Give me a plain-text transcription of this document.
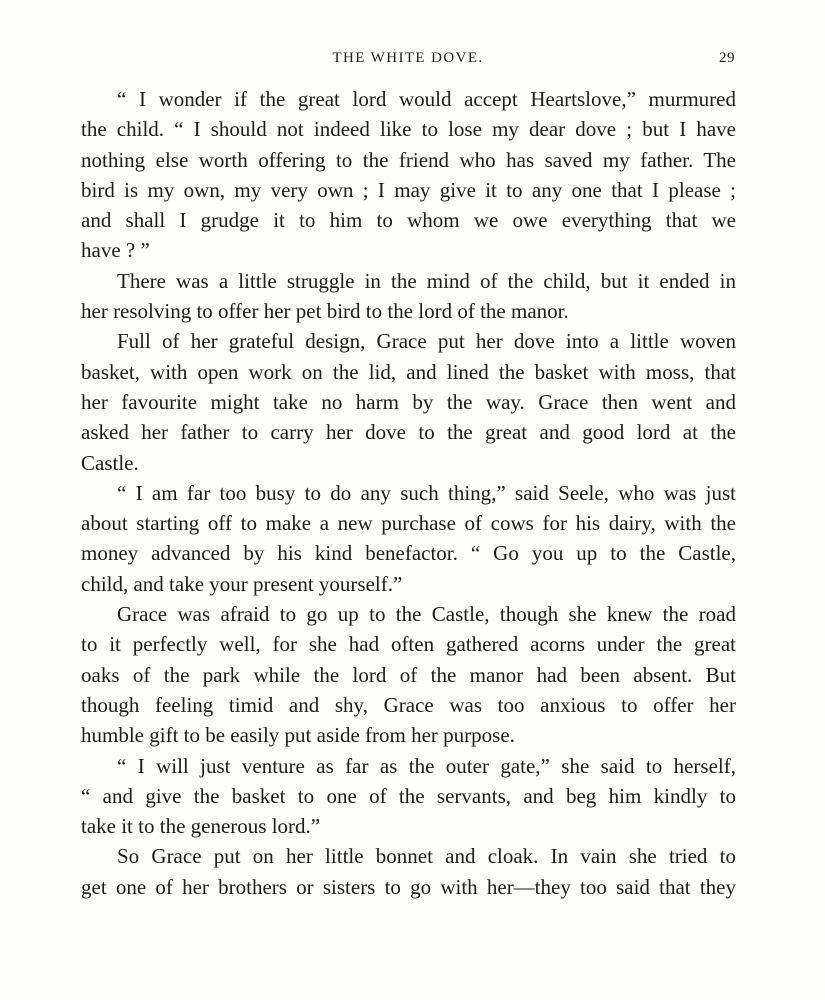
THE WHITE DOVE.	29
“ I wonder if the great lord would accept Heartslove,” murmured
the child. “ I should not indeed like to lose my dear dove ; but I have
nothing else worth offering to the friend who has saved my father. The
bird is my own, my very own ; I may give it to any one that I please ;
and shall I grudge it to him to whom we owe everything that we
have ? ”
There was a little struggle in the mind of the child, but it ended in
her resolving to offer her pet bird to the lord of the manor.
Full of her grateful design, Grace put her dove into a little woven
basket, with open work on the lid, and lined the basket with moss, that
her favourite might take no harm by the way. Grace then went and
asked her father to carry her dove to the great and good lord at the
Castle.
“ I am far too busy to do any such thing,” said Seele, who was just
about starting off to make a new purchase of cows for his dairy, with the
money advanced by his kind benefactor. “ Go you up to the Castle,
child, and take your present yourself.”
Grace was afraid to go up to the Castle, though she knew the road
to it perfectly well, for she had often gathered acorns under the great
oaks of the park while the lord of the manor had been absent. But
though feeling timid and shy, Grace was too anxious to offer her
humble gift to be easily put aside from her purpose.
“ I will just venture as far as the outer gate,” she said to herself,
“ and give the basket to one of the servants, and beg him kindly to
take it to the generous lord.”
So Grace put on her little bonnet and cloak. In vain she tried to
get one of her brothers or sisters to go with her—they too said that they
